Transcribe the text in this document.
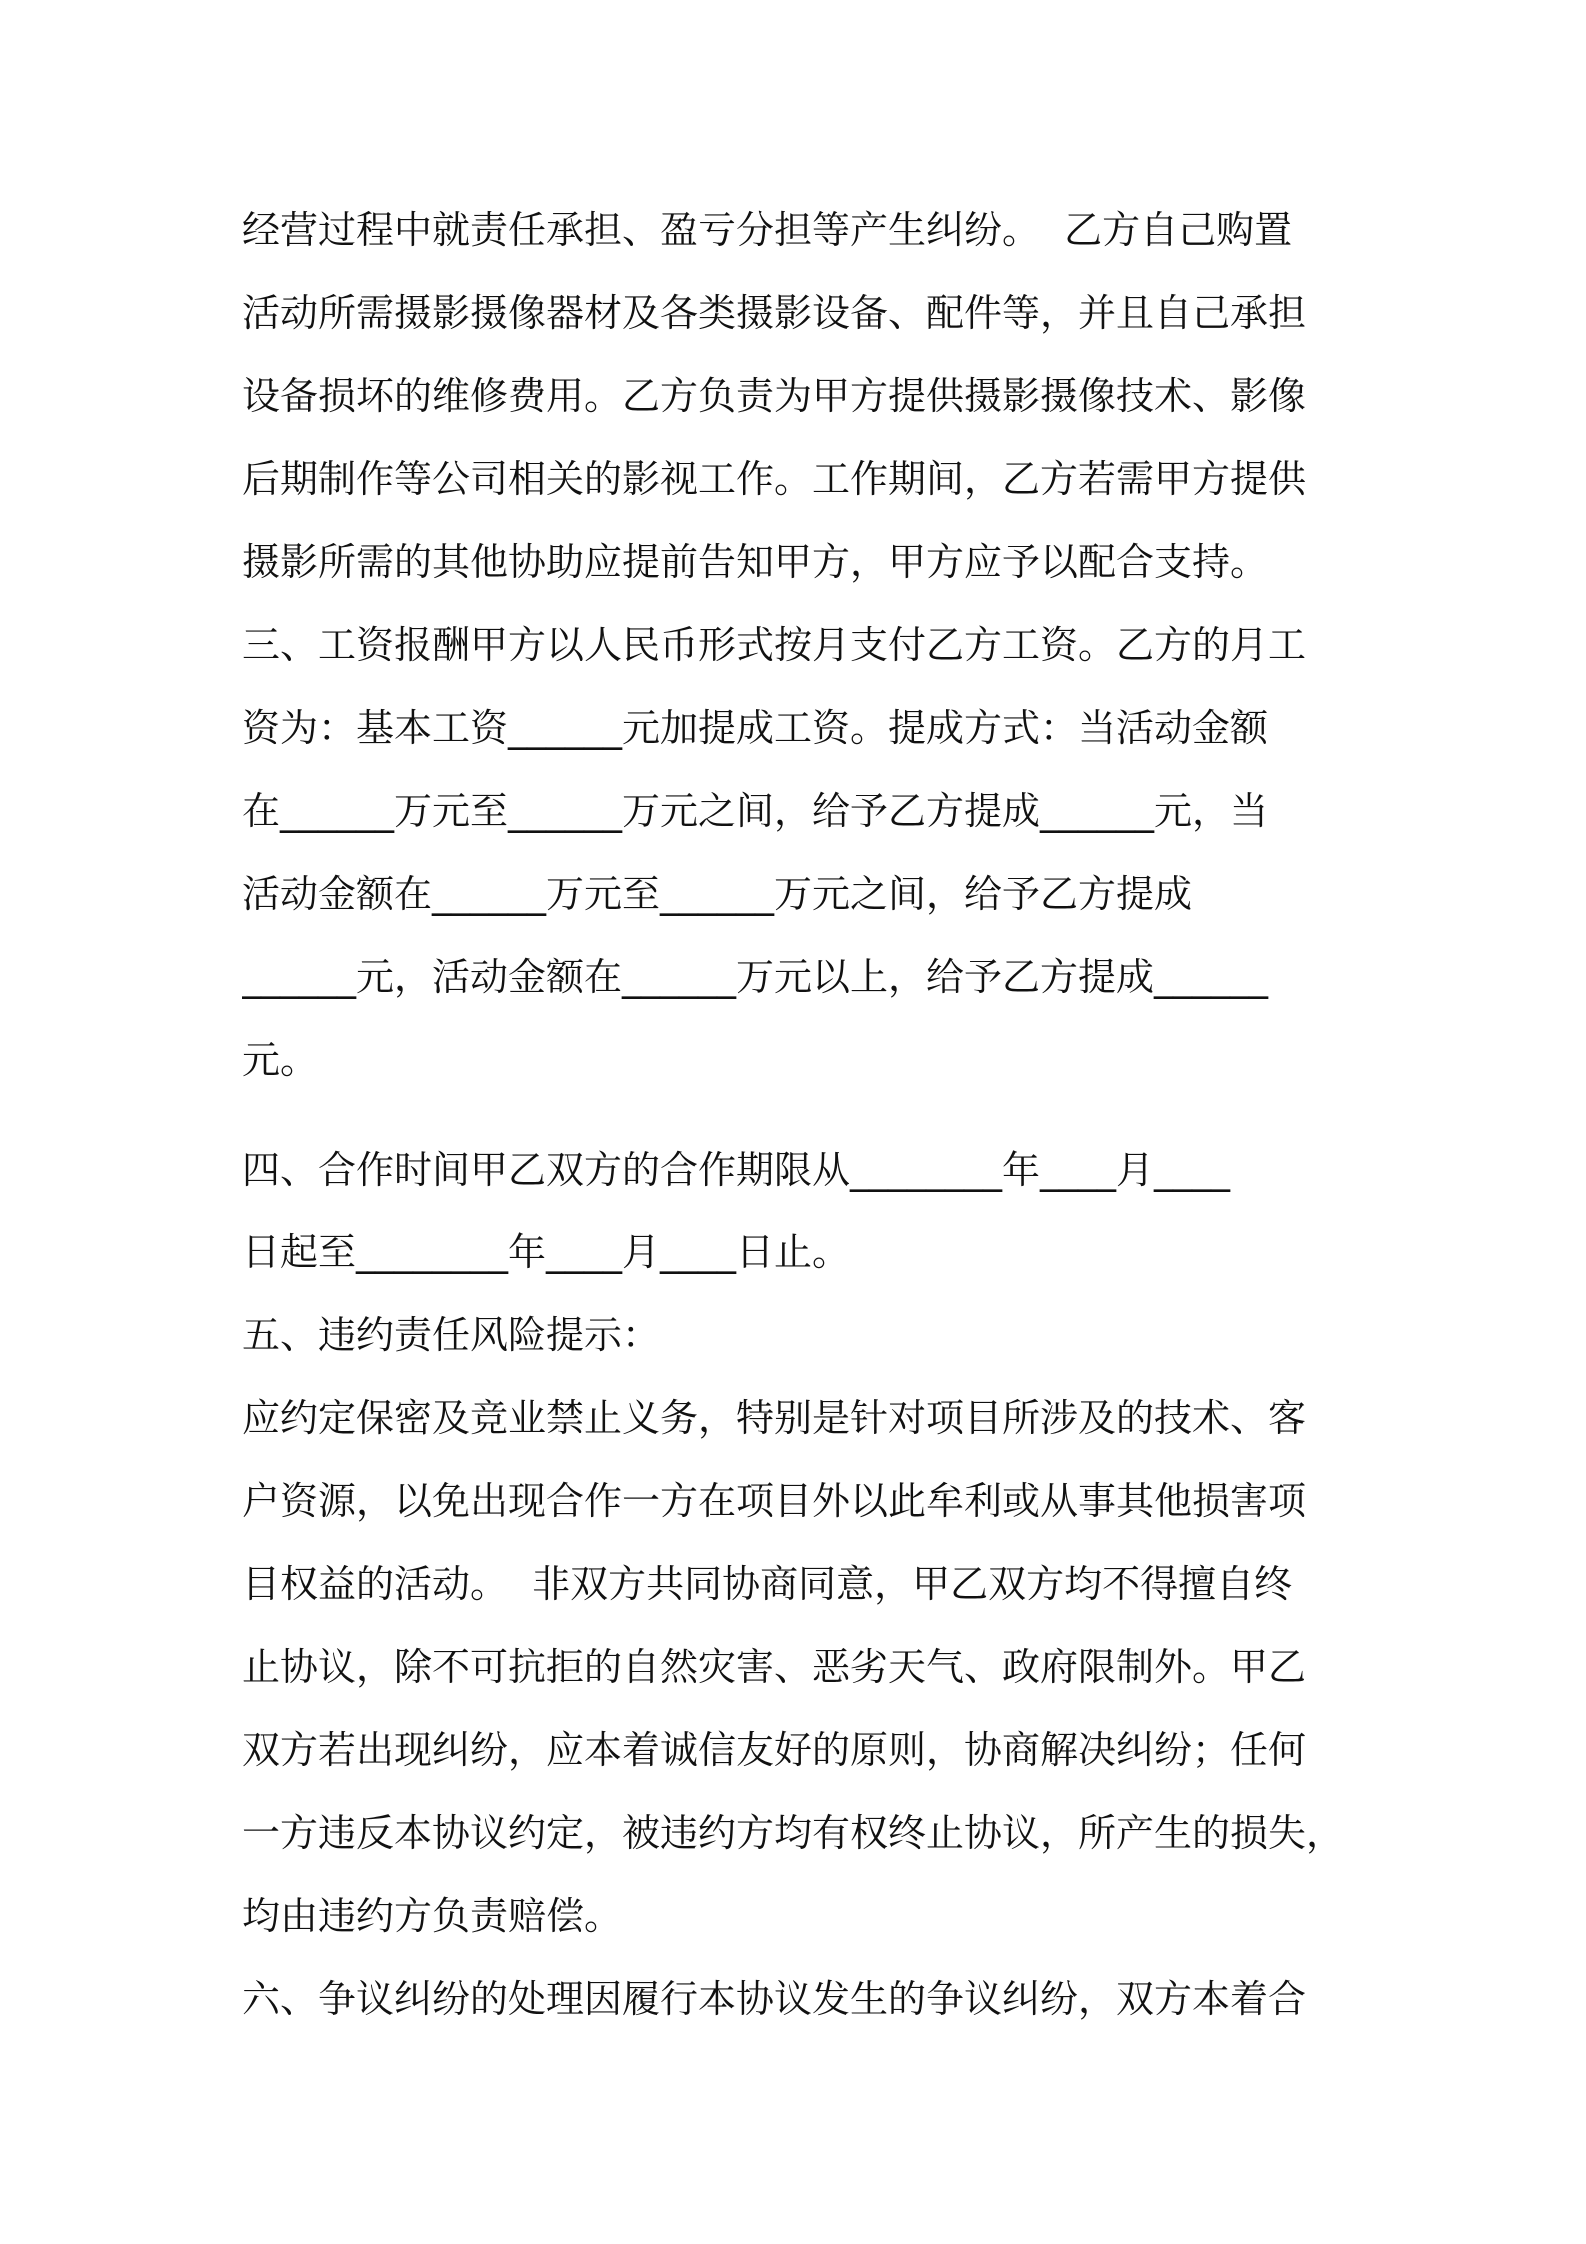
经营过程中就责任承担、盈亏分担等产生纠纷。  乙方自己购置
活动所需摄影摄像器材及各类摄影设备、配件等，并且自己承担
设备损坏的维修费用。乙方负责为甲方提供摄影摄像技术、影像
后期制作等公司相关的影视工作。工作期间，乙方若需甲方提供
摄影所需的其他协助应提前告知甲方，甲方应予以配合支持。
三、工资报酬甲方以人民币形式按月支付乙方工资。乙方的月工
资为：基本工资______元加提成工资。提成方式：当活动金额
在______万元至______万元之间，给予乙方提成______元，当
活动金额在______万元至______万元之间，给予乙方提成
______元，活动金额在______万元以上，给予乙方提成______
元。
四、合作时间甲乙双方的合作期限从________年____月____
日起至________年____月____日止。
五、违约责任风险提示：
应约定保密及竞业禁止义务，特别是针对项目所涉及的技术、客
户资源，以免出现合作一方在项目外以此牟利或从事其他损害项
目权益的活动。  非双方共同协商同意，甲乙双方均不得擅自终
止协议，除不可抗拒的自然灾害、恶劣天气、政府限制外。甲乙
双方若出现纠纷，应本着诚信友好的原则，协商解决纠纷；任何
一方违反本协议约定，被违约方均有权终止协议，所产生的损失，
均由违约方负责赔偿。
六、争议纠纷的处理因履行本协议发生的争议纠纷，双方本着合
